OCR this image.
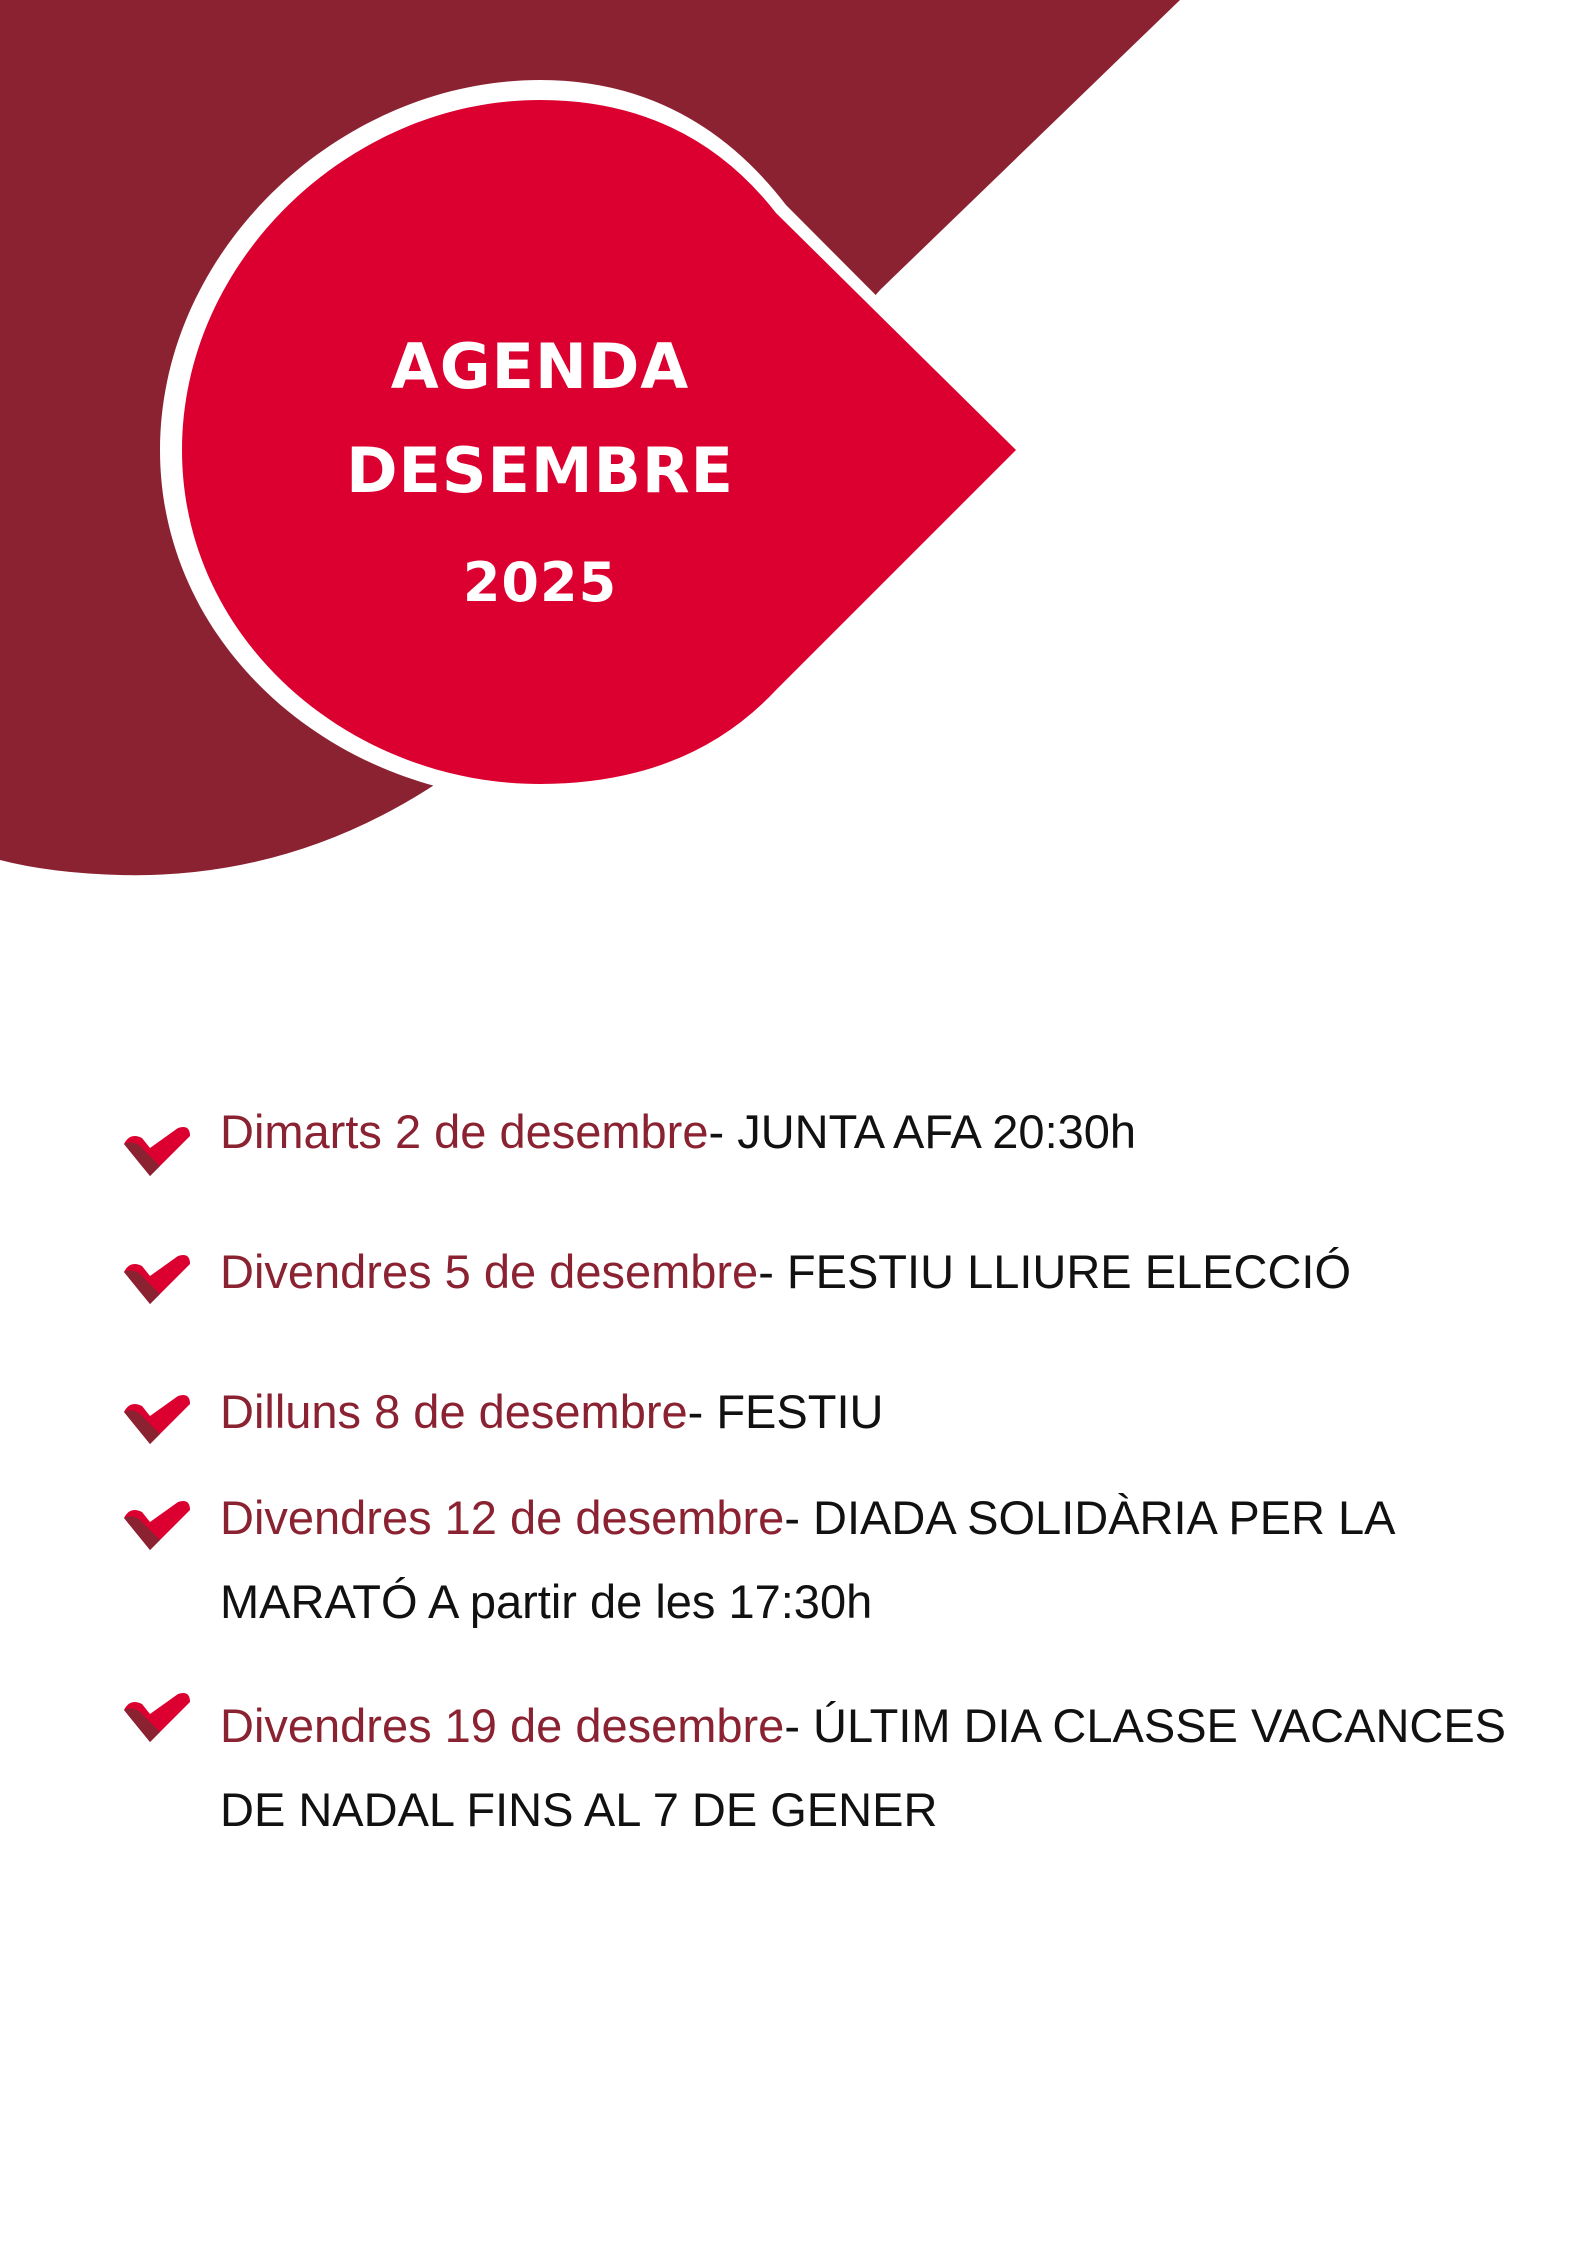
AGENDA
DESEMBRE
2025
Dimarts 2 de desembre- JUNTA AFA 20:30h
Divendres 5 de desembre- FESTIU LLIURE ELECCIÓ
Dilluns 8 de desembre- FESTIU
Divendres 12 de desembre- DIADA SOLIDÀRIA PER LA MARATÓ A partir de les 17:30h
Divendres 19 de desembre- ÚLTIM DIA CLASSE VACANCES DE NADAL FINS AL 7 DE GENER
